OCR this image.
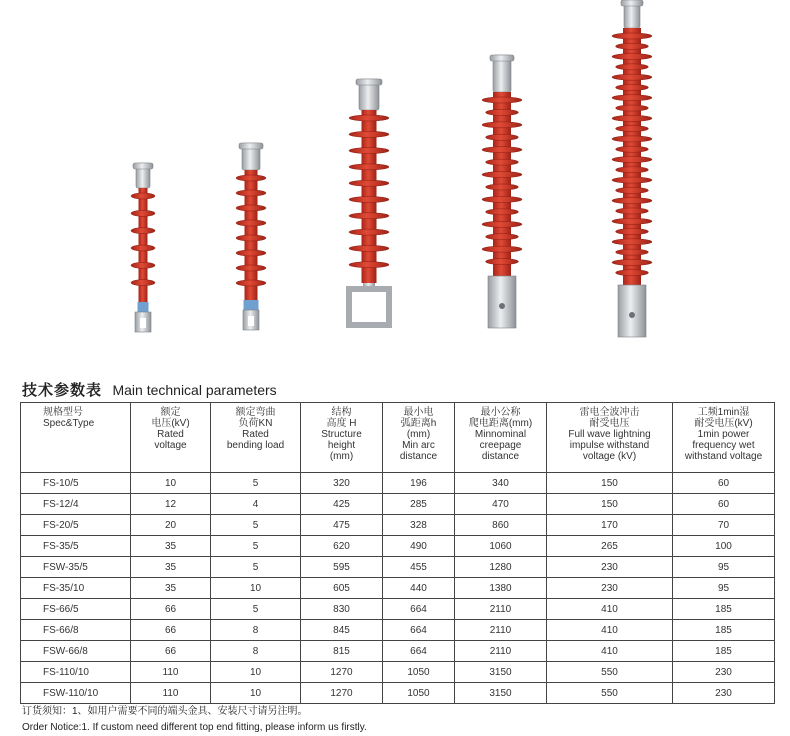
技术参数表 Main technical parameters
规格型号
Spec&Type	额定
电压(kV)
Rated
voltage	额定弯曲
负荷KN
Rated
bending load	结构
高度 H
Structure
height
(mm)	最小电
弧距离h
(mm)
Min arc
distance	最小公称
爬电距离(mm)
Minnominal
creepage
distance	雷电全波冲击
耐受电压
Full wave lightning
impulse withstand
voltage (kV)	工频1min湿
耐受电压(kV)
1min power
frequency wet
withstand voltage

FS-10/5	10	5	320	196	340	150	60
FS-12/4	12	4	425	285	470	150	60
FS-20/5	20	5	475	328	860	170	70
FS-35/5	35	5	620	490	1060	265	100
FSW-35/5	35	5	595	455	1280	230	95
FS-35/10	35	10	605	440	1380	230	95
FS-66/5	66	5	830	664	2110	410	185
FS-66/8	66	8	845	664	2110	410	185
FSW-66/8	66	8	815	664	2110	410	185
FS-110/10	110	10	1270	1050	3150	550	230
FSW-110/10	110	10	1270	1050	3150	550	230
订货须知：1、如用户需要不同的端头金具、安装尺寸请另注明。
Order Notice:1. If custom need different top end fitting, please inform us firstly.
